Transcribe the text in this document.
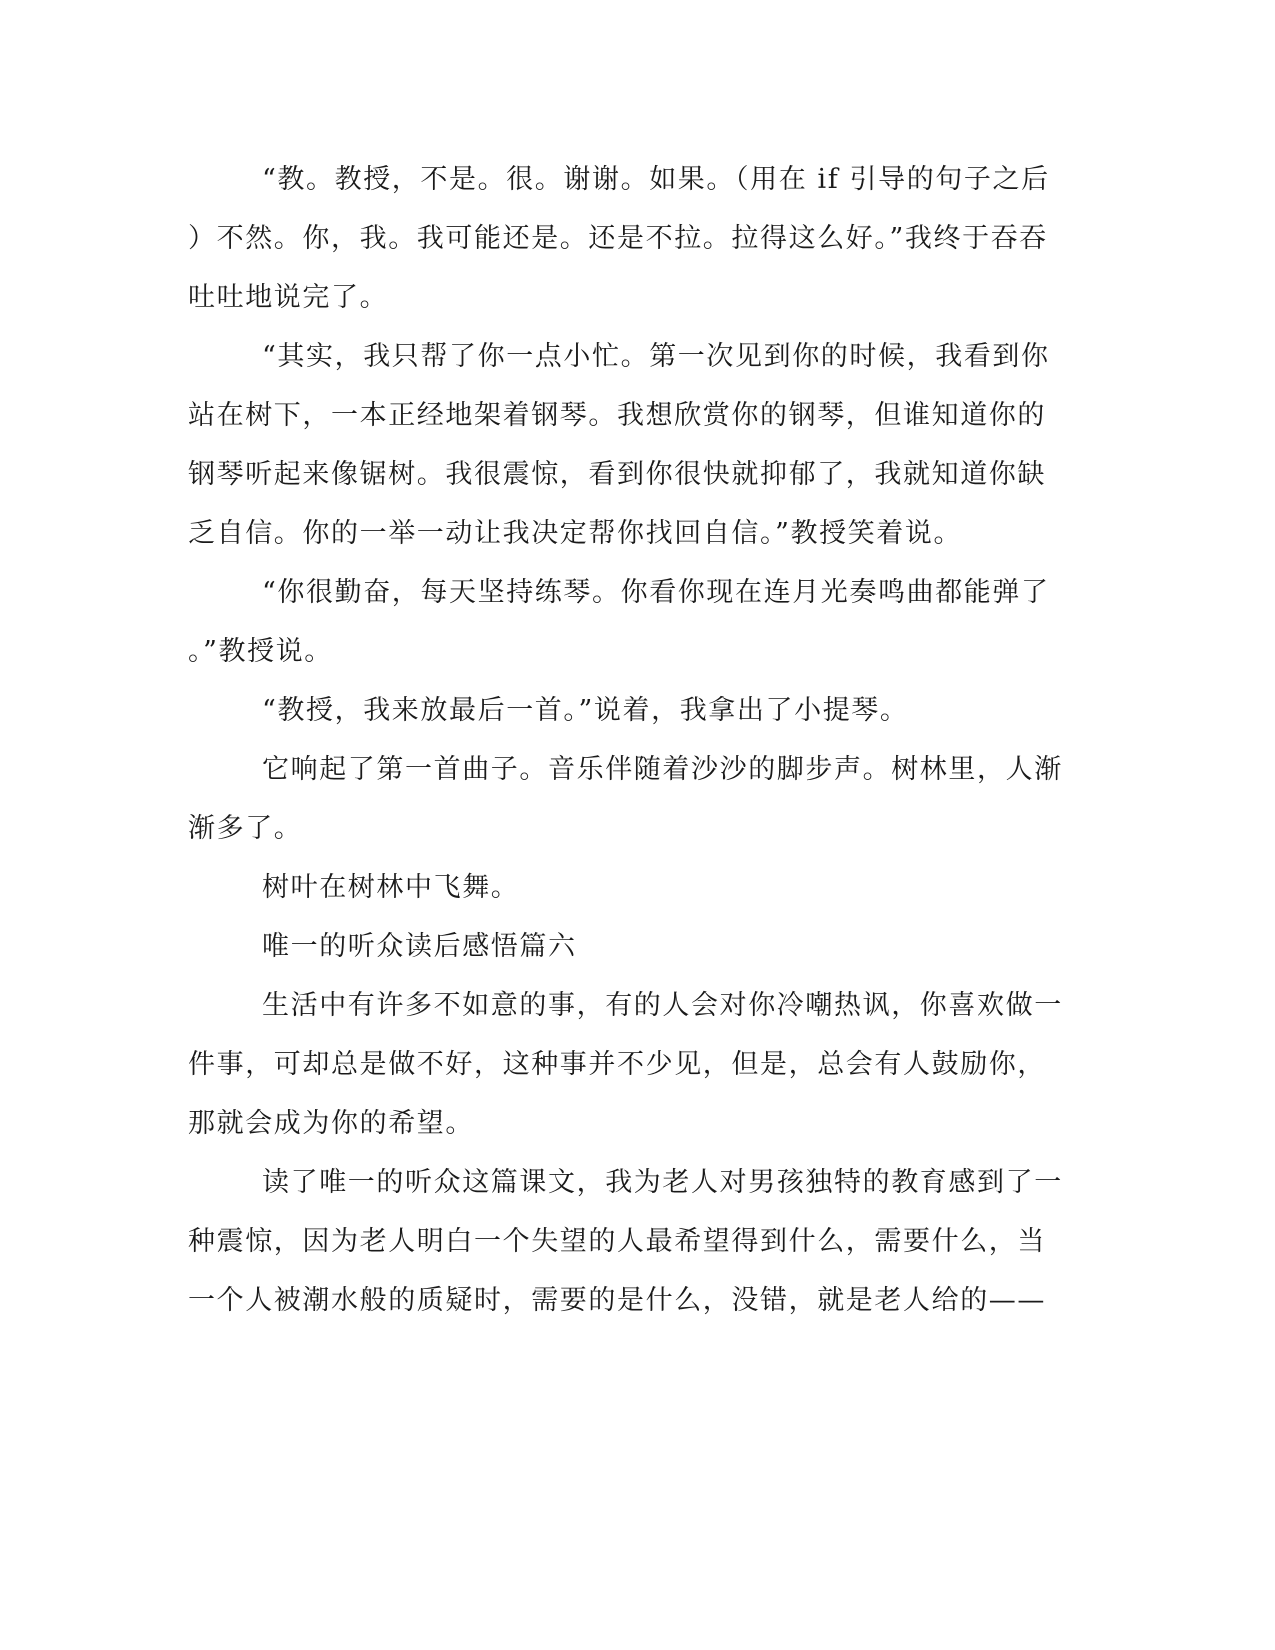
“教。教授，不是。很。谢谢。如果。（用在 if 引导的句子之后
）不然。你，我。我可能还是。还是不拉。拉得这么好。”我终于吞吞
吐吐地说完了。
“其实，我只帮了你一点小忙。第一次见到你的时候，我看到你
站在树下，一本正经地架着钢琴。我想欣赏你的钢琴，但谁知道你的
钢琴听起来像锯树。我很震惊，看到你很快就抑郁了，我就知道你缺
乏自信。你的一举一动让我决定帮你找回自信。”教授笑着说。
“你很勤奋，每天坚持练琴。你看你现在连月光奏鸣曲都能弹了
。”教授说。
“教授，我来放最后一首。”说着，我拿出了小提琴。
它响起了第一首曲子。音乐伴随着沙沙的脚步声。树林里，人渐
渐多了。
树叶在树林中飞舞。
唯一的听众读后感悟篇六
生活中有许多不如意的事，有的人会对你冷嘲热讽，你喜欢做一
件事，可却总是做不好，这种事并不少见，但是，总会有人鼓励你，
那就会成为你的希望。
读了唯一的听众这篇课文，我为老人对男孩独特的教育感到了一
种震惊，因为老人明白一个失望的人最希望得到什么，需要什么，当
一个人被潮水般的质疑时，需要的是什么，没错，就是老人给的——
